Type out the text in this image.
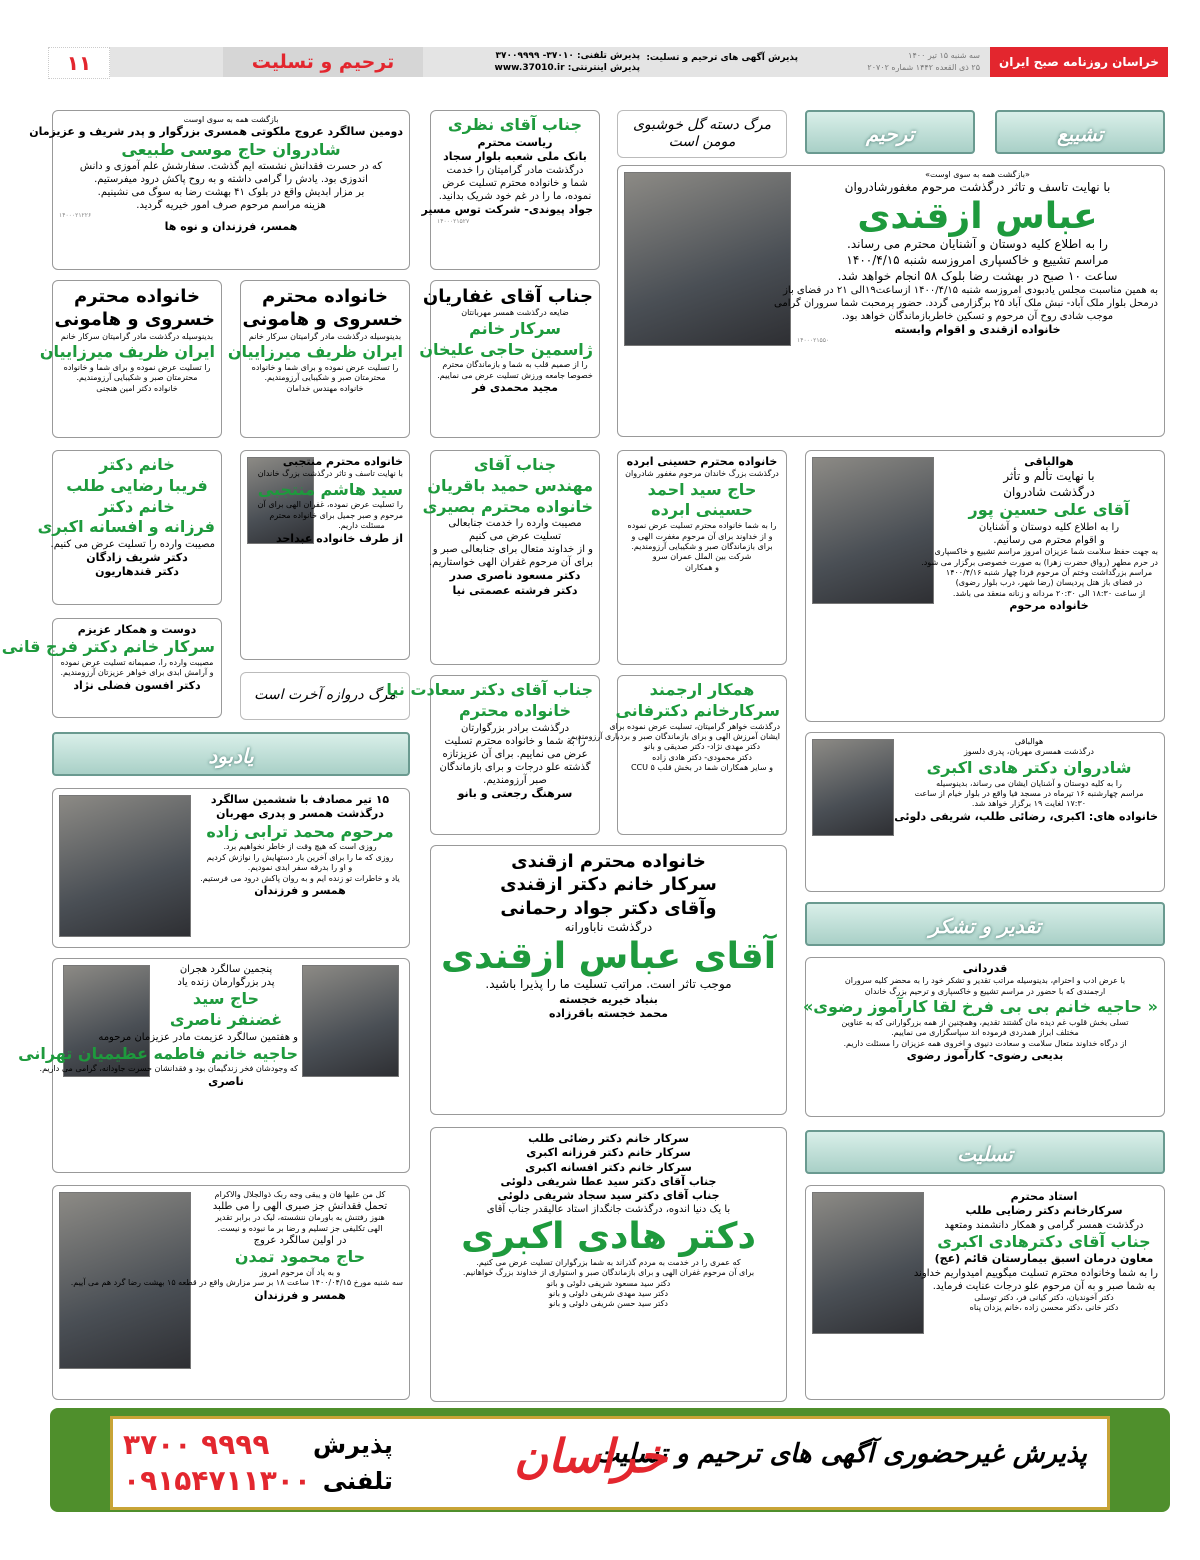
خراسان روزنامه صبح ایران
سه شنبه ۱۵ تیر ۱۴۰۰
۲۵ ذی القعده ۱۴۴۲ شماره ۲۰۷۰۲
پذیرش آگهی های ترحیم و تسلیت:
پذیرش تلفنی: ۳۷۰۱۰- ۳۷۰۰۹۹۹۹
پذیرش اینترنتی: www.37010.ir
ترحیم و تسلیت
۱۱
تشییع
ترحیم
یادبود
تقدیر و تشکر
تسلیت
مرگ دسته گل خوشبوی مومن است
مرگ دروازه آخرت است
بازگشت همه به سوی اوست
دومین سالگرد عروج ملکوتی همسری بزرگوار و پدر شریف و عزیزمان
شادروان حاج موسی طبیعی
که در حسرت فقدانش نشسته ایم گذشت. سفارشش علم آموزی و دانش
اندوزی بود. یادش را گرامی داشته و به روح پاکش درود میفرستیم.
بر مزار ابدیش واقع در بلوک ۴۱ بهشت رضا به سوگ می نشینیم.
هزینه مراسم مرحوم صرف امور خیریه گردید.
۱۴۰۰۰۲۱۲۲۶
همسر، فرزندان و نوه ها
جناب آقای نظری
ریاست محترم
بانک ملی شعبه بلوار سجاد
درگذشت مادر گرامیتان را خدمت
شما و خانواده محترم تسلیت عرض
نموده، ما را در غم خود شریک بدانید.
جواد پیوندی- شرکت توس مسیر
۱۴۰۰۰۲۱۵۲۷
«بازگشت همه به سوی اوست»
با نهایت تاسف و تاثر درگذشت مرحوم مغفورشادروان
عباس ازقندی
را به اطلاع کلیه دوستان و آشنایان محترم می رساند.
مراسم تشییع و خاکسپاری امروزسه شنبه ۱۴۰۰/۴/۱۵
ساعت ۱۰ صبح در بهشت رضا بلوک ۵۸ انجام خواهد شد.
به همین مناسبت مجلس یادبودی امروزسه شنبه ۱۴۰۰/۴/۱۵ ازساعت۱۹الی ۲۱ در فضای باز
درمحل بلوار ملک آباد- نبش ملک آباد ۲۵ برگزارمی گردد. حضور پرمحبت شما سروران گرامی
موجب شادی روح آن مرحوم و تسکین خاطربازماندگان خواهد بود.
خانواده ازقندی و اقوام وابسته
۱۴۰۰۰۲۱۵۵۰
خانواده محترم
خسروی و هامونی
بدینوسیله درگذشت مادر گرامیتان سرکار خانم
ایران ظریف میرزاییان
را تسلیت عرض نموده و برای شما و خانواده
محترمتان صبر و شکیبایی آرزومندیم.
خانواده دکتر امین هنجنی
خانواده محترم
خسروی و هامونی
بدینوسیله درگذشت مادر گرامیتان سرکار خانم
ایران ظریف میرزاییان
را تسلیت عرض نموده و برای شما و خانواده
محترمتان صبر و شکیبایی آرزومندیم.
خانواده مهندس خدامان
جناب آقای غفاریان
ضایعه درگذشت همسر مهربانتان
سرکار خانم
ژاسمین حاجی علیخان
را از صمیم قلب به شما و بازماندگان محترم
خصوصا جامعه ورزش تسلیت عرض می نماییم.
مجید محمدی فر
خانم دکتر
فریبا رضایی طلب
خانم دکتر
فرزانه و افسانه اکبری
مصیبت وارده را تسلیت عرض می کنیم.
دکتر شریف زادگان
دکتر قندهاریون
خانواده محترم منتجبی
با نهایت تاسف و تاثر درگذشت بزرگ خاندان
سید هاشم منتجبی
را تسلیت عرض نموده، غفران الهی برای آن
مرحوم و صبر جمیل برای خانواده محترم
مسئلت داریم.
از طرف خانواده عبداحد
جناب آقای
مهندس حمید باقریان
خانواده محترم بصیری
مصیبت وارده را خدمت جنابعالی
تسلیت عرض می کنیم
و از خداوند متعال برای جنابعالی صبر و
برای آن مرحوم غفران الهی خواستاریم.
دکتر مسعود ناصری صدر
دکتر فرشته عصمتی نیا
خانواده محترم حسینی ابرده
درگذشت بزرگ خاندان مرحوم مغفور شادروان
حاج سید احمد
حسینی ابرده
را به شما خانواده محترم تسلیت عرض نموده
و از خداوند برای آن مرحوم مغفرت الهی و
برای بازماندگان صبر و شکیبایی آرزومندیم.
شرکت بین الملل عمران سرو
و همکاران
هوالباقی
با نهایت تألم و تأثر
درگذشت شادروان
آقای علی حسین پور
را به اطلاع کلیه دوستان و آشنایان
و اقوام محترم می رسانیم.
به جهت حفظ سلامت شما عزیزان امروز مراسم تشییع و خاکسپاری
در حرم مطهر (رواق حضرت زهرا) به صورت خصوصی برگزار می شود.
مراسم بزرگداشت وختم آن مرحوم فردا چهار شنبه ۱۴۰۰/۴/۱۶
در فضای باز هتل پردیسان (رضا شهر، درب بلوار رضوی)
از ساعت ۱۸:۳۰ الی ۲۰:۳۰ مردانه و زنانه منعقد می باشد.
خانواده مرحوم
دوست و همکار عزیزم
سرکار خانم دکتر فرج قانی
مصیبت وارده را، صمیمانه تسلیت عرض نموده
و آرامش ابدی برای خواهر عزیزتان آرزومندیم.
دکتر افسون فضلی نژاد	جناب آقای دکتر سعادت نیا
خانواده محترم
درگذشت برادر بزرگوارتان
را به شما و خانواده محترم تسلیت
عرض می نماییم. برای آن عزیزتازه
گذشته علو درجات و برای بازماندگان
صبر آرزومندیم.
سرهنگ رجعتی و بانو
همکار ارجمند
سرکارخانم دکترفانی
درگذشت خواهر گرامیتان، تسلیت عرض نموده برای
ایشان آمرزش الهی و برای بازماندگان صبر و بردباری آرزومندیم.
دکتر مهدی نژاد- دکتر صدیقی و بانو
دکتر محمودی- دکتر هادی زاده
و سایر همکاران شما در بخش قلب ۵ CCU
۱۵ تیر مصادف با ششمین سالگرد
درگذشت همسر و پدری مهربان
مرحوم محمد ترابی زاده
روزی است که هیچ وقت از خاطر نخواهیم برد.
روزی که ما را برای آخرین بار دستهایش را نوازش کردیم
و او را بدرقه سفر ابدی نمودیم.
یاد و خاطرات تو زنده ایم و به روان پاکش درود می فرستیم.
همسر و فرزندان
خانواده محترم ازقندی
سرکار خانم دکتر ازقندی
وآقای دکتر جواد رحمانی
درگذشت ناباورانه
آقای عباس ازقندی
موجب تاثر است. مراتب تسلیت ما را پذیرا باشید.
بنیاد خیریه خجسته
محمد خجسته باقرزاده
هوالباقی
درگذشت همسری مهربان، پدری دلسوز
شادروان دکتر هادی اکبری
را به کلیه دوستان و آشنایان ایشان می رساند، بدینوسیله
مراسم چهارشنبه ۱۶ تیرماه در مسجد فیا واقع در بلوار خیام از ساعت
۱۷:۳۰ لغایت ۱۹ برگزار خواهد شد.
خانواده های: اکبری، رضائی طلب، شریفی دلوئی
قدردانی
با عرض ادب و احترام، بدینوسیله مراتب تقدیر و تشکر خود را به محضر کلیه سروران
ارجمندی که با حضور در مراسم تشییع و خاکسپاری و ترحیم بزرگ خاندان
« حاجیه خانم بی بی فرخ لقا کارآموز رضوی»
تسلی بخش قلوب غم دیده مان گشتند تقدیم، وهمچنین از همه بزرگوارانی که به عناوین
مختلف ابراز همدردی فرموده اند سپاسگزاری می نماییم.
از درگاه خداوند متعال سلامت و سعادت دنیوی و اخروی همه عزیزان را مسئلت داریم.
بدیعی رضوی- کارآموز رضوی
پنجمین سالگرد هجران
پدر بزرگوارمان زنده یاد
حاج سید
غضنفر ناصری
و هفتمین سالگرد عزیمت مادر عزیزمان مرحومه
حاجیه خانم فاطمه عظیمیان تهرانی
که وجودشان فخر زندگیمان بود و فقدانشان حسرت جاودانه، گرامی می داریم.
ناصری
سرکار خانم دکتر رضائی طلب
سرکار خانم دکتر فرزانه اکبری
سرکار خانم دکتر افسانه اکبری
جناب آقای دکتر سید عطا شریفی دلوئی
جناب آقای دکتر سید سجاد شریفی دلوئی
با یک دنیا اندوه، درگذشت جانگداز استاد عالیقدر جناب آقای
دکتر هادی اکبری
که عمری را در خدمت به مردم گذراند به شما بزرگواران تسلیت عرض می کنیم.
برای آن مرحوم غفران الهی و برای بازماندگان صبر و استواری از خداوند بزرگ خواهانیم.
دکتر سید مسعود شریفی دلوئی و بانو
دکتر سید مهدی شریفی دلوئی و بانو
دکتر سید حسن شریفی دلوئی و بانو
کل من علیها فان و یبقی وجه ربک ذوالجلال والاکرام
تحمل فقدانش جز صبری الهی را می طلبد
هنوز رفتنش به باورمان ننشسته، لیک در برابر تقدیر
الهی تکلیفی جز تسلیم و رضا بر ما نبوده و نیست.
در اولین سالگرد عروج
حاج محمود تمدن
و به یاد آن مرحوم امروز
سه شنبه مورخ ۱۴۰۰/۰۴/۱۵ ساعت ۱۸ بر سر مزارش واقع در قطعه ۱۵ بهشت رضا گرد هم می آییم.
همسر و فرزندان
استاد محترم
سرکارخانم دکتر رضایی طلب
درگذشت همسر گرامی و همکار دانشمند ومتعهد
جناب آقای دکترهادی اکبری
معاون درمان اسبق بیمارستان قائم (عج)
را به شما وخانواده محترم تسلیت میگوییم امیدواریم خداوند
به شما صبر و به آن مرحوم علو درجات عنایت فرماید.
دکتر آخوندیان، دکتر کیانی فر، دکتر توسلی
دکتر خانی ،دکتر محسن زاده ،خانم یزدان پناه
پذیرش غیرحضوری آگهی های ترحیم و تسلیت
خراسان
پذیرش
تلفنی
۳۷۰۰ ۹۹۹۹
۰۹۱۵۴۷۱۱۳۰۰
